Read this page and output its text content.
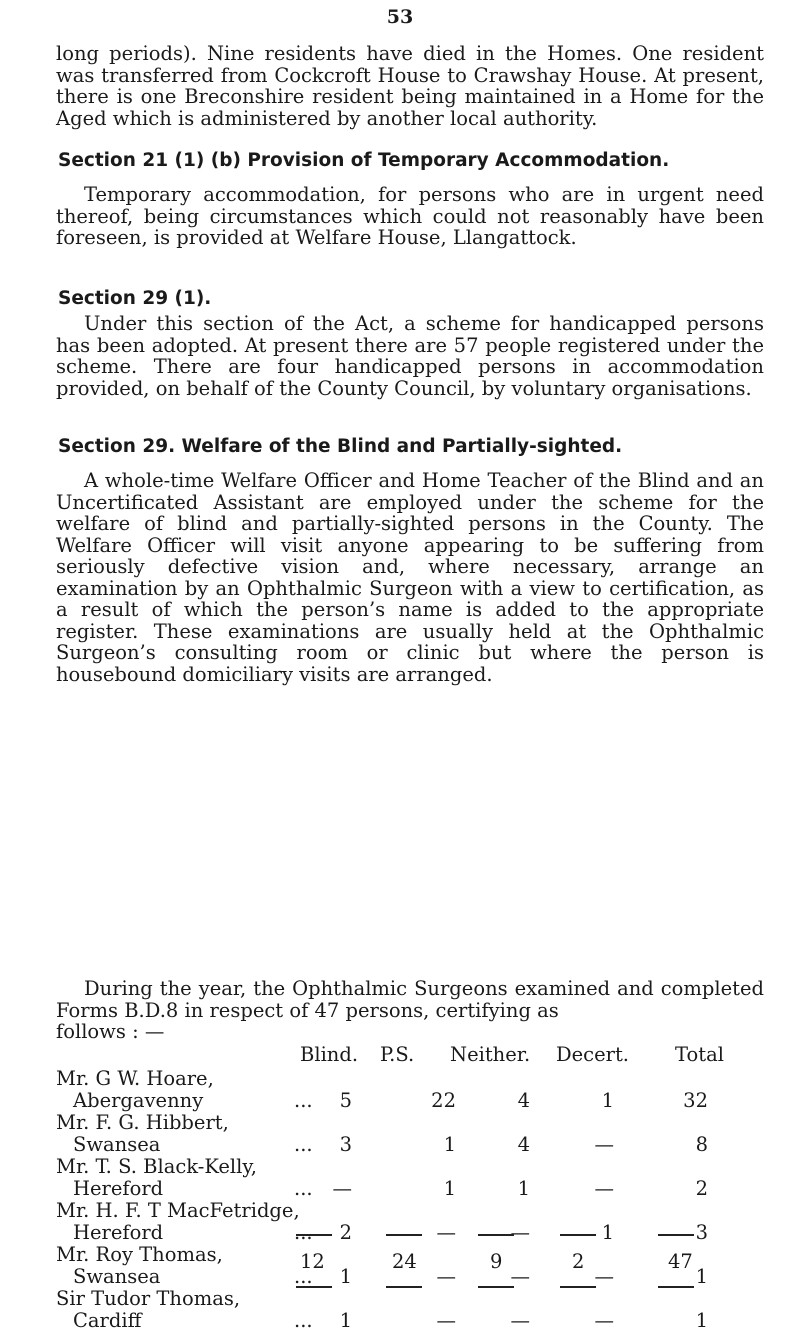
53

long periods). Nine residents have died in the Homes. One resident was transferred from Cockcroft House to Crawshay House. At present, there is one Breconshire resident being maintained in a Home for the Aged which is administered by another local authority.

Section 21 (1) (b) Provision of Temporary Accommodation.

Temporary accommodation, for persons who are in urgent need thereof, being circumstances which could not reasonably have been foreseen, is provided at Welfare House, Llangattock.

Section 29 (1).

Under this section of the Act, a scheme for handicapped persons has been adopted. At present there are 57 people registered under the scheme. There are four handicapped persons in accommodation provided, on behalf of the County Council, by voluntary organisations.

Section 29. Welfare of the Blind and Partially-sighted.

A whole-time Welfare Officer and Home Teacher of the Blind and an Uncertificated Assistant are employed under the scheme for the welfare of blind and partially-sighted persons in the County. The Welfare Officer will visit anyone appearing to be suffering from seriously defective vision and, where necessary, arrange an examination by an Ophthalmic Surgeon with a view to certification, as a result of which the person’s name is added to the appropriate register. These examinations are usually held at the Ophthalmic Surgeon’s consulting room or clinic but where the person is housebound domiciliary visits are arranged.

During the year, the Ophthalmic Surgeons examined and completed Forms B.D.8 in respect of 47 persons, certifying as

follows : —
Blind. P.S. Neither. Decert. Total
Mr. G W. Hoare,
Abergavenny ...	5	22	4	1	32

Mr. F. G. Hibbert,
Swansea ...	3	1	4	—	8

Mr. T. S. Black-Kelly,
Hereford ...	—	1	1	—	2

Mr. H. F. T MacFetridge,
Hereford ...	2	—	—	1	3

Mr. Roy Thomas,
Swansea ...	1	—	—	—	1

Sir Tudor Thomas,
Cardiff ...	1	—	—	—	1
12	24	9	2	47
